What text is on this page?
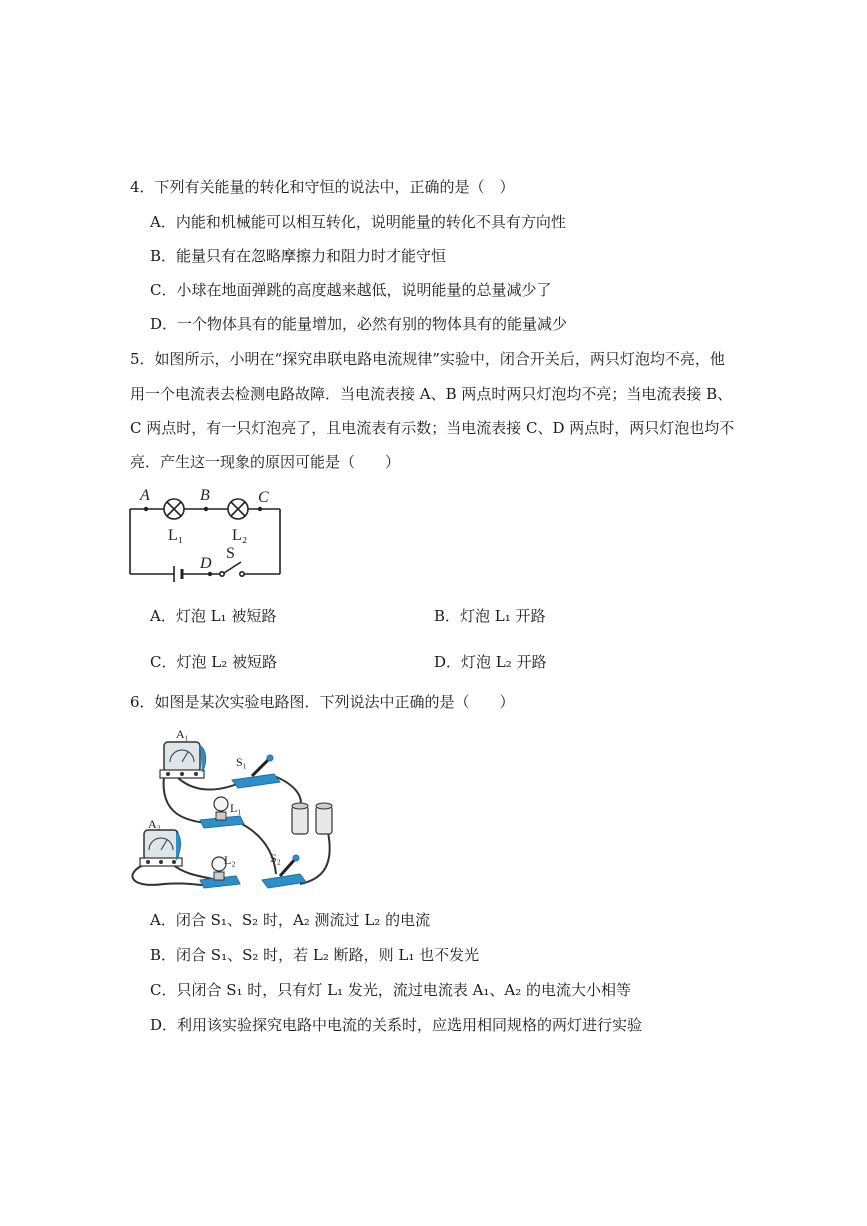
4．下列有关能量的转化和守恒的说法中，正确的是（　）
A．内能和机械能可以相互转化，说明能量的转化不具有方向性
B．能量只有在忽略摩擦力和阻力时才能守恒
C．小球在地面弹跳的高度越来越低，说明能量的总量减少了
D．一个物体具有的能量增加，必然有别的物体具有的能量减少
5．如图所示，小明在“探究串联电路电流规律”实验中，闭合开关后，两只灯泡均不亮，他
用一个电流表去检测电路故障．当电流表接 A、B 两点时两只灯泡均不亮；当电流表接 B、
C 两点时，有一只灯泡亮了，且电流表有示数；当电流表接 C、D 两点时，两只灯泡也均不
亮．产生这一现象的原因可能是（　　）
A	B	C
D
S
L₁	L₂
A．灯泡 L₁ 被短路	B．灯泡 L₁ 开路
C．灯泡 L₂ 被短路	D．灯泡 L₂ 开路
6．如图是某次实验电路图．下列说法中正确的是（　　）
A₁
A₂
S₁
S₂
L₁
L₂
A．闭合 S₁、S₂ 时，A₂ 测流过 L₂ 的电流
B．闭合 S₁、S₂ 时，若 L₂ 断路，则 L₁ 也不发光
C．只闭合 S₁ 时，只有灯 L₁ 发光，流过电流表 A₁、A₂ 的电流大小相等
D．利用该实验探究电路中电流的关系时，应选用相同规格的两灯进行实验
